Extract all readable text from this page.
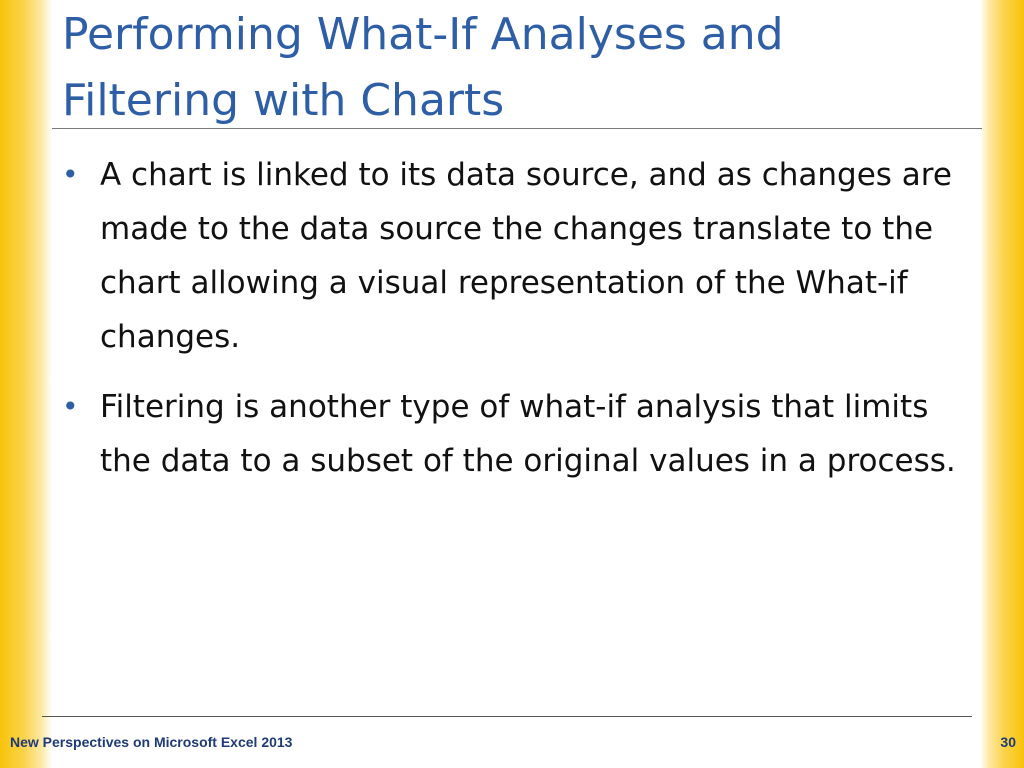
Performing What-If Analyses and Filtering with Charts
• A chart is linked to its data source, and as changes are made to the data source the changes translate to the chart allowing a visual representation of the What-if changes.
• Filtering is another type of what-if analysis that limits the data to a subset of the original values in a process.
New Perspectives on Microsoft Excel 2013	30
